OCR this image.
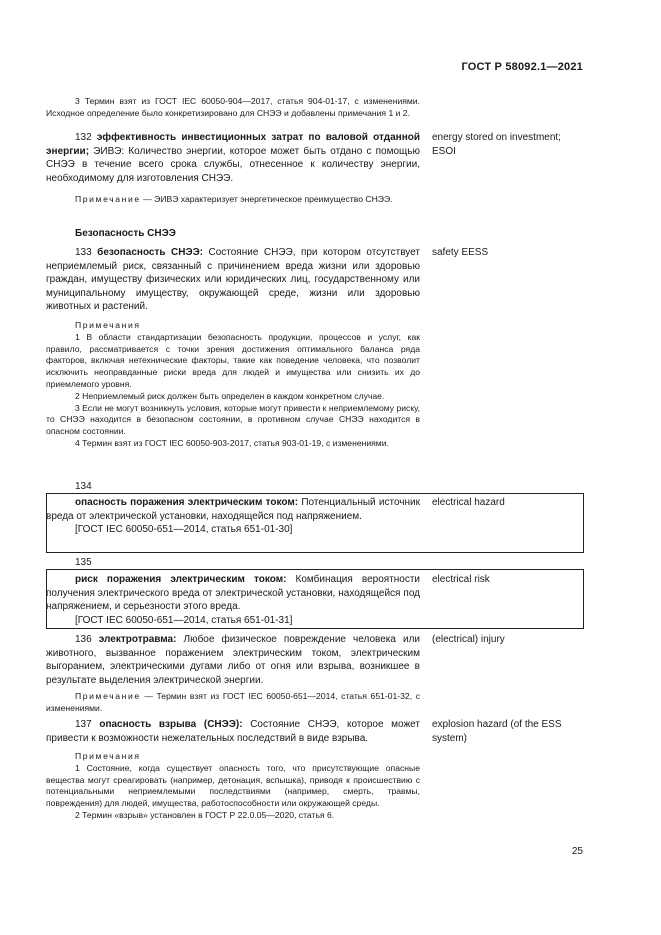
ГОСТ Р 58092.1—2021

3 Термин взят из ГОСТ IEC 60050-904—2017, статья 904-01-17, с изменениями. Исходное определение было конкретизировано для СНЭЭ и добавлены примечания 1 и 2.

132 эффективность инвестиционных затрат по валовой отданной энергии; ЭИВЭ: Количество энергии, которое может быть отдано с помощью СНЭЭ в течение всего срока службы, отнесенное к количеству энергии, необходимому для изготовления СНЭЭ.

energy stored on investment;
ESOI

Примечание — ЭИВЭ характеризует энергетическое преимущество СНЭЭ.

Безопасность СНЭЭ

133 безопасность СНЭЭ: Состояние СНЭЭ, при котором отсутствует неприемлемый риск, связанный с причинением вреда жизни или здоровью граждан, имуществу физических или юридических лиц, государственному или муниципальному имуществу, окружающей среде, жизни или здоровью животных и растений.

safety EESS

Примечания

1 В области стандартизации безопасность продукции, процессов и услуг, как правило, рассматривается с точки зрения достижения оптимального баланса ряда факторов, включая нетехнические факторы, такие как поведение человека, что позволит исключить неоправданные риски вреда для людей и имущества или снизить их до приемлемого уровня.

2 Неприемлемый риск должен быть определен в каждом конкретном случае.

3 Если не могут возникнуть условия, которые могут привести к неприемлемому риску, то СНЭЭ находится в безопасном состоянии, в противном случае СНЭЭ находится в опасном состоянии.

4 Термин взят из ГОСТ IEC 60050-903-2017, статья 903-01-19, с изменениями.

134

опасность поражения электрическим током: Потенциальный источник вреда от электрической установки, находящейся под напряжением.

[ГОСТ IEC 60050-651—2014, статья 651-01-30]

electrical hazard

135

риск поражения электрическим током: Комбинация вероятности получения электрического вреда от электрической установки, находящейся под напряжением, и серьезности этого вреда.

[ГОСТ IEC 60050-651—2014, статья 651-01-31]

electrical risk

136 электротравма: Любое физическое повреждение человека или животного, вызванное поражением электрическим током, электрическим выгоранием, электрическими дугами либо от огня или взрыва, возникшее в результате выделения электрической энергии.

(electrical) injury

Примечание — Термин взят из ГОСТ IEC 60050-651—2014, статья 651-01-32, с изменениями.

137 опасность взрыва (СНЭЭ): Состояние СНЭЭ, которое может привести к возможности нежелательных последствий в виде взрыва.

explosion hazard (of the ESS
system)

Примечания

1 Состояние, когда существует опасность того, что присутствующие опасные вещества могут среагировать (например, детонация, вспышка), приводя к происшествию с потенциальными неприемлемыми последствиями (например, смерть, травмы, повреждения) для людей, имущества, работоспособности или окружающей среды.

2 Термин «взрыв» установлен в ГОСТ Р 22.0.05—2020, статья 6.

25
